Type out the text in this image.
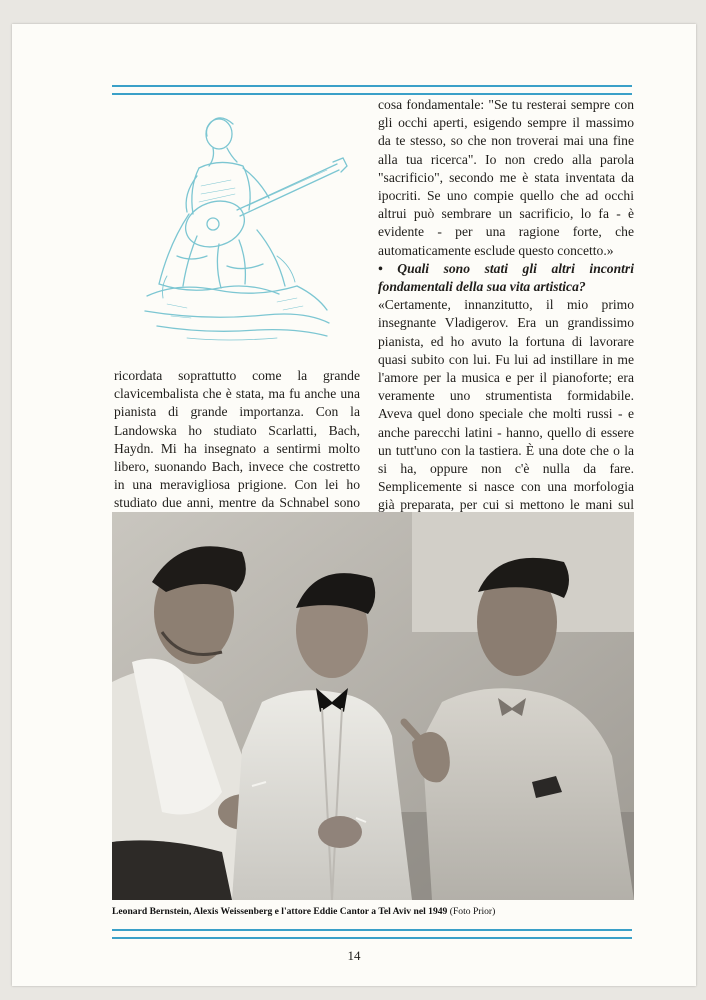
ricordata soprattutto come la grande clavicembalista che è stata, ma fu anche una pianista di grande importanza. Con la Landowska ho studiato Scarlatti, Bach, Haydn. Mi ha insegnato a sentirmi molto libero, suonando Bach, invece che costretto in una meravigliosa prigione. Con lei ho studiato due anni, mentre da Schnabel sono

cosa fondamentale: "Se tu resterai sempre con gli occhi aperti, esigendo sempre il massimo da te stesso, so che non troverai mai una fine alla tua ricerca". Io non credo alla parola "sacrificio", secondo me è stata inventata da ipocriti. Se uno compie quello che ad occhi altrui può sembrare un sacrificio, lo fa - è evidente - per una ragione forte, che automaticamente esclude questo concetto.»

• Quali sono stati gli altri incontri fondamentali della sua vita artistica?

«Certamente, innanzitutto, il mio primo insegnante Vladigerov. Era un grandissimo pianista, ed ho avuto la fortuna di lavorare quasi subito con lui. Fu lui ad instillare in me l'amore per la musica e per il pianoforte; era veramente uno strumentista formidabile. Aveva quel dono speciale che molti russi - e anche parecchi latini - hanno, quello di essere un tutt'uno con la tastiera. È una dote che o la si ha, oppure non c'è nulla da fare. Semplicemente si nasce con una morfologia già preparata, per cui si mettono le mani sul

Leonard Bernstein, Alexis Weissenberg e l'attore Eddie Cantor a Tel Aviv nel 1949 (Foto Prior)
14
